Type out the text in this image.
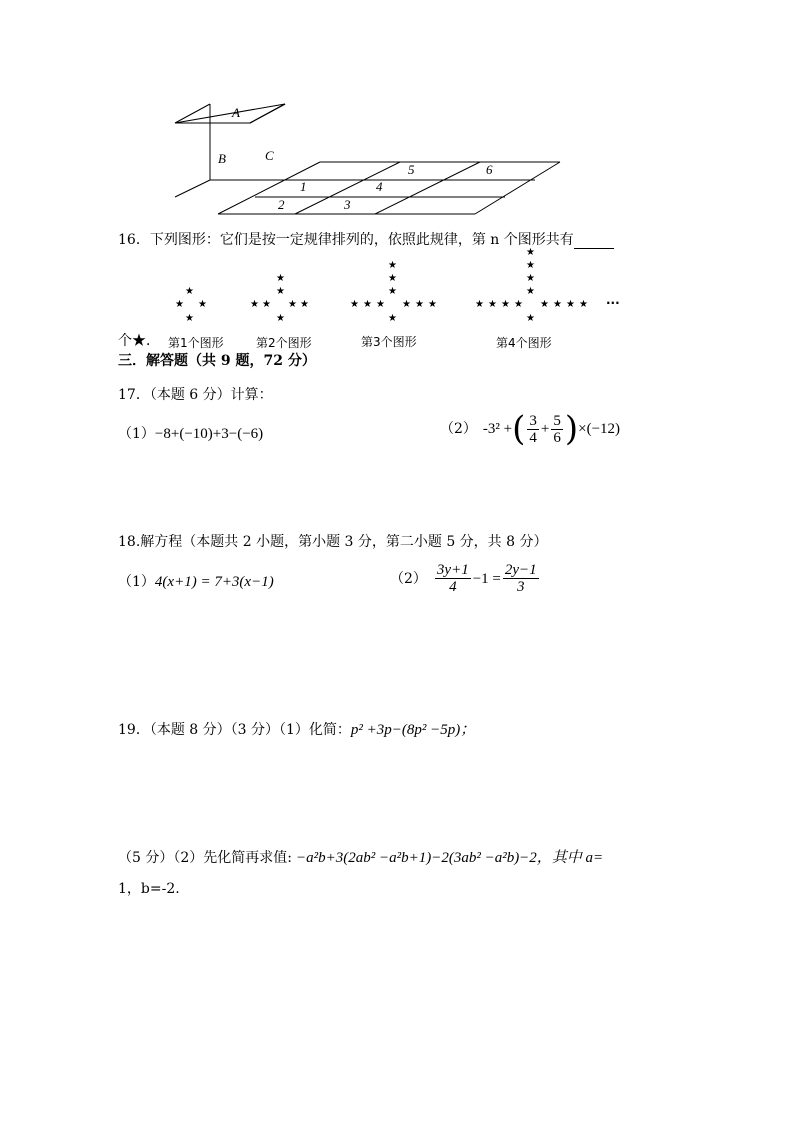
A
B	C
1
2	3
4
5	6
16．下列图形：它们是按一定规律排列的，依照此规律，第 n 个图形共有
★
★ ★
★
★
★
★ ★ ★ ★
★
★
★
★
★ ★ ★ ★ ★ ★
★
★
★
★
★
★ ★ ★ ★ ★ ★ ★ ★
★
···
个★． 第1个图形	第2个图形	第3个图形	第4个图形
三．解答题（共 9 题，72 分）
17．（本题 6 分）计算：
（1）−8+(−10)+3−(−6)	（2） -3² + ( $\frac{3}{4} + \frac{5}{6}$ ) ×(−12)
18.解方程（本题共 2 小题，第小题 3 分，第二小题 5 分，共 8 分）
（1）4(x+1) = 7+3(x−1)	$(2) \frac{3y+1}{4} -1 = \frac{2y-1}{3}$
19．（本题 8 分）（3 分）（1）化简：p² +3p−(8p² −5p)；
（5 分）（2）先化简再求值: −a²b+3(2ab² −a²b+1)−2(3ab² −a²b)−2，其中 a=
1，b=-2.
